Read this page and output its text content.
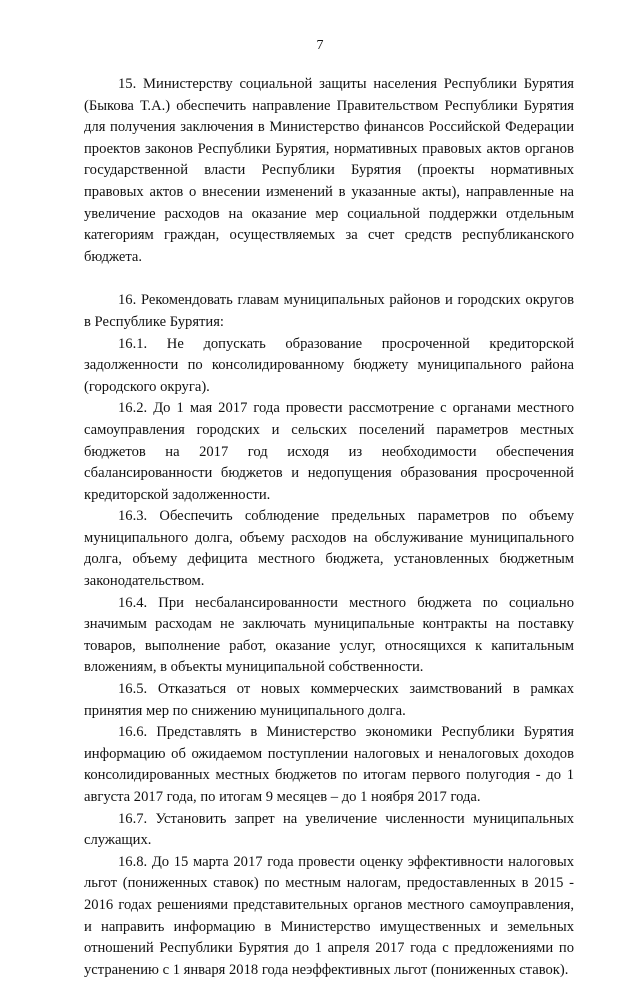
7

15. Министерству социальной защиты населения Республики Бурятия (Быкова Т.А.) обеспечить направление Правительством Республики Бурятия для получения заключения в Министерство финансов Российской Федерации проектов законов Республики Бурятия, нормативных правовых актов органов государственной власти Республики Бурятия (проекты нормативных правовых актов о внесении изменений в указанные акты), направленные на увеличение расходов на оказание мер социальной поддержки отдельным категориям граждан, осуществляемых за счет средств республиканского бюджета.

16. Рекомендовать главам муниципальных районов и городских округов в Республике Бурятия:

16.1. Не допускать образование просроченной кредиторской задолженности по консолидированному бюджету муниципального района (городского округа).

16.2. До 1 мая 2017 года провести рассмотрение с органами местного самоуправления городских и сельских поселений параметров местных бюджетов на 2017 год исходя из необходимости обеспечения сбалансированности бюджетов и недопущения образования просроченной кредиторской задолженности.

16.3. Обеспечить соблюдение предельных параметров по объему муниципального долга, объему расходов на обслуживание муниципального долга, объему дефицита местного бюджета, установленных бюджетным законодательством.

16.4. При несбалансированности местного бюджета по социально значимым расходам не заключать муниципальные контракты на поставку товаров, выполнение работ, оказание услуг, относящихся к капитальным вложениям, в объекты муниципальной собственности.

16.5. Отказаться от новых коммерческих заимствований в рамках принятия мер по снижению муниципального долга.

16.6. Представлять в Министерство экономики Республики Бурятия информацию об ожидаемом поступлении налоговых и неналоговых доходов консолидированных местных бюджетов по итогам первого полугодия - до 1 августа 2017 года, по итогам 9 месяцев – до 1 ноября 2017 года.

16.7. Установить запрет на увеличение численности муниципальных служащих.

16.8. До 15 марта 2017 года провести оценку эффективности налоговых льгот (пониженных ставок) по местным налогам, предоставленных в 2015 - 2016 годах решениями представительных органов местного самоуправления, и направить информацию в Министерство имущественных и земельных отношений Республики Бурятия до 1 апреля 2017 года с предложениями по устранению с 1 января 2018 года неэффективных льгот (пониженных ставок).
